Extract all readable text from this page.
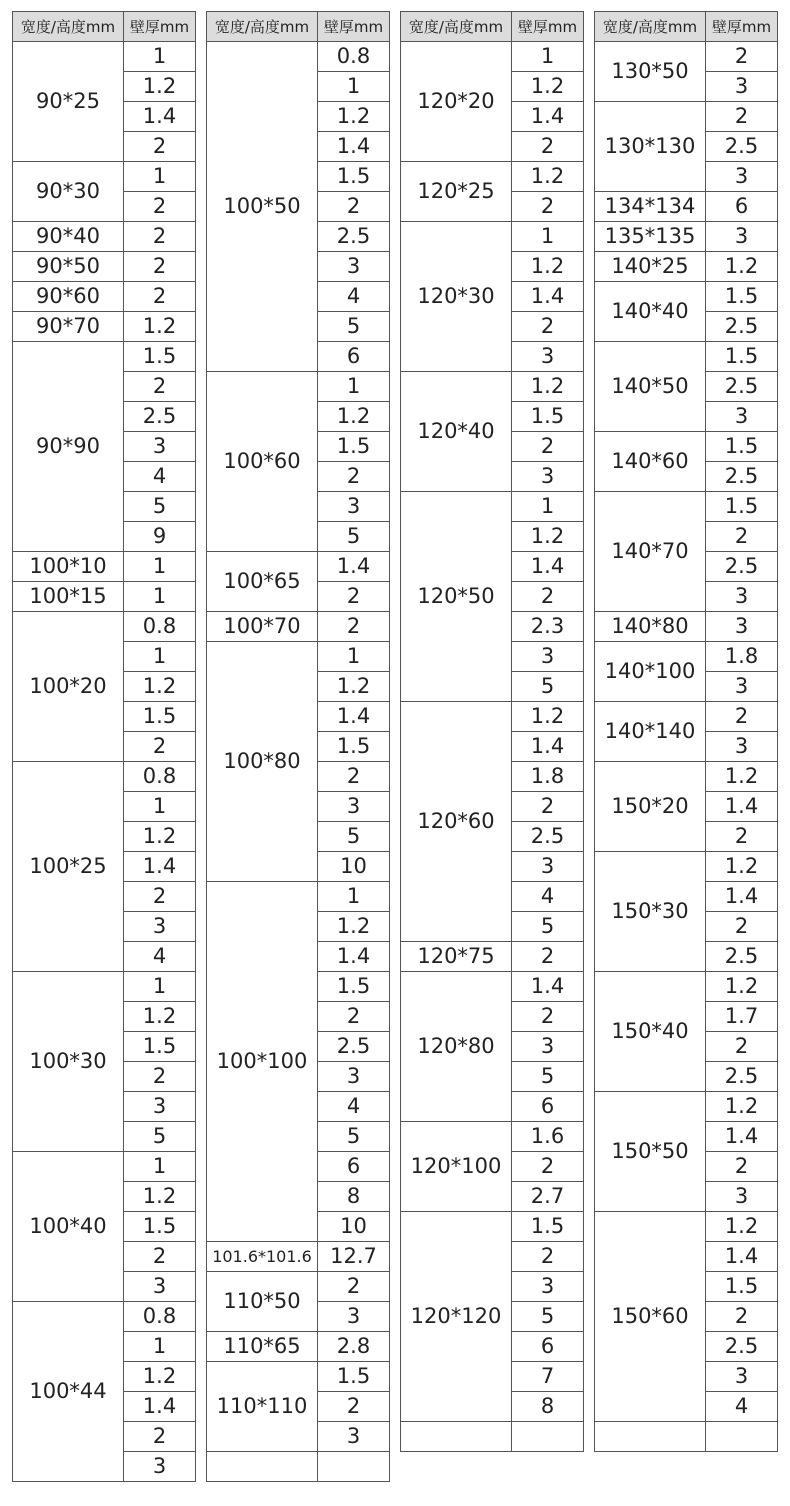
宽度/高度mm	壁厚mm
90*25	1
	1.2
	1.4
	2
90*30	1
	2
90*40	2
90*50	2
90*60	2
90*70	1.2
90*90	1.5
	2
	2.5
	3
	4
	5
	9
100*10	1
100*15	1
100*20	0.8
	1
	1.2
	1.5
	2
100*25	0.8
	1
	1.2
	1.4
	2
	3
	4
100*30	1
	1.2
	1.5
	2
	3
	5
100*40	1
	1.2
	1.5
	2
	3
100*44	0.8
	1
	1.2
	1.4
	2
	3
宽度/高度mm	壁厚mm
100*50	0.8
	1
	1.2
	1.4
	1.5
	2
	2.5
	3
	4
	5
	6
100*60	1
	1.2
	1.5
	2
	3
	5
100*65	1.4
	2
100*70	2
100*80	1
	1.2
	1.4
	1.5
	2
	3
	5
	10
100*100	1
	1.2
	1.4
	1.5
	2
	2.5
	3
	4
	5
	6
	8
	10
101.6*101.6	12.7
110*50	2
	3
110*65	2.8
110*110	1.5
	2
	3

宽度/高度mm	壁厚mm
120*20	1
	1.2
	1.4
	2
120*25	1.2
	2
120*30	1
	1.2
	1.4
	2
	3
120*40	1.2
	1.5
	2
	3
120*50	1
	1.2
	1.4
	2
	2.3
	3
	5
120*60	1.2
	1.4
	1.8
	2
	2.5
	3
	4
	5
120*75	2
120*80	1.4
	2
	3
	5
	6
120*100	1.6
	2
	2.7
120*120	1.5
	2
	3
	5
	6
	7
	8

宽度/高度mm	壁厚mm
130*50	2
	3
130*130	2
	2.5
	3
134*134	6
135*135	3
140*25	1.2
140*40	1.5
	2.5
140*50	1.5
	2.5
	3
140*60	1.5
	2.5
140*70	1.5
	2
	2.5
	3
140*80	3
140*100	1.8
	3
140*140	2
	3
150*20	1.2
	1.4
	2
150*30	1.2
	1.4
	2
	2.5
150*40	1.2
	1.7
	2
	2.5
150*50	1.2
	1.4
	2
	3
150*60	1.2
	1.4
	1.5
	2
	2.5
	3
	4
